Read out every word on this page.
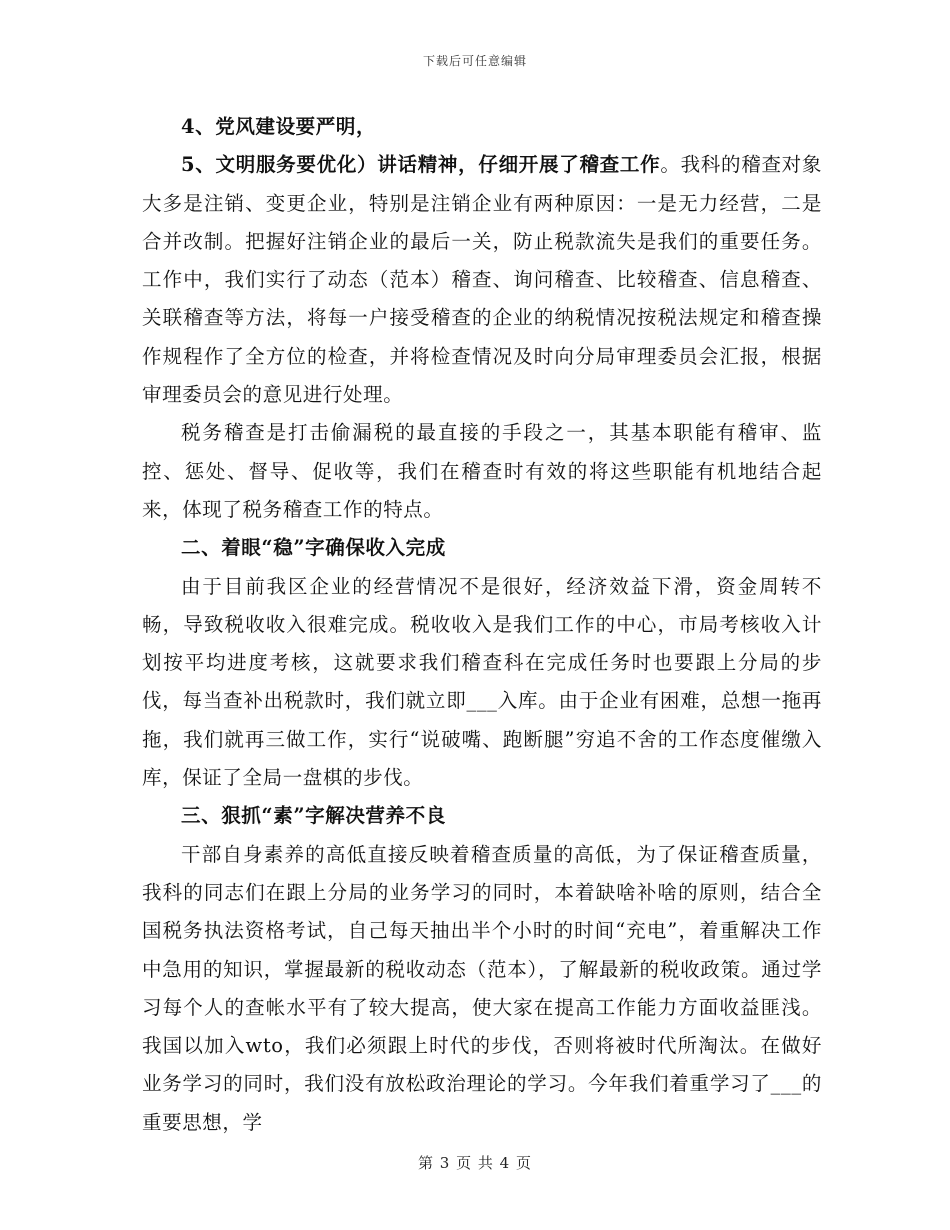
下载后可任意编辑

4、党风建设要严明，

5、文明服务要优化）讲话精神，仔细开展了稽查工作。我科的稽查对象大多是注销、变更企业，特别是注销企业有两种原因：一是无力经营，二是合并改制。把握好注销企业的最后一关，防止税款流失是我们的重要任务。工作中，我们实行了动态（范本）稽查、询问稽查、比较稽查、信息稽查、关联稽查等方法，将每一户接受稽查的企业的纳税情况按税法规定和稽查操作规程作了全方位的检查，并将检查情况及时向分局审理委员会汇报，根据审理委员会的意见进行处理。

税务稽查是打击偷漏税的最直接的手段之一，其基本职能有稽审、监控、惩处、督导、促收等，我们在稽查时有效的将这些职能有机地结合起来，体现了税务稽查工作的特点。

二、着眼“稳”字确保收入完成

由于目前我区企业的经营情况不是很好，经济效益下滑，资金周转不畅，导致税收收入很难完成。税收收入是我们工作的中心，市局考核收入计划按平均进度考核，这就要求我们稽查科在完成任务时也要跟上分局的步伐，每当查补出税款时，我们就立即___入库。由于企业有困难，总想一拖再拖，我们就再三做工作，实行“说破嘴、跑断腿”穷追不舍的工作态度催缴入库，保证了全局一盘棋的步伐。

三、狠抓“素”字解决营养不良

干部自身素养的高低直接反映着稽查质量的高低，为了保证稽查质量，我科的同志们在跟上分局的业务学习的同时，本着缺啥补啥的原则，结合全国税务执法资格考试，自己每天抽出半个小时的时间“充电”，着重解决工作中急用的知识，掌握最新的税收动态（范本），了解最新的税收政策。通过学习每个人的查帐水平有了较大提高，使大家在提高工作能力方面收益匪浅。我国以加入wto，我们必须跟上时代的步伐，否则将被时代所淘汰。在做好业务学习的同时，我们没有放松政治理论的学习。今年我们着重学习了___的重要思想，学

第 3 页 共 4 页
